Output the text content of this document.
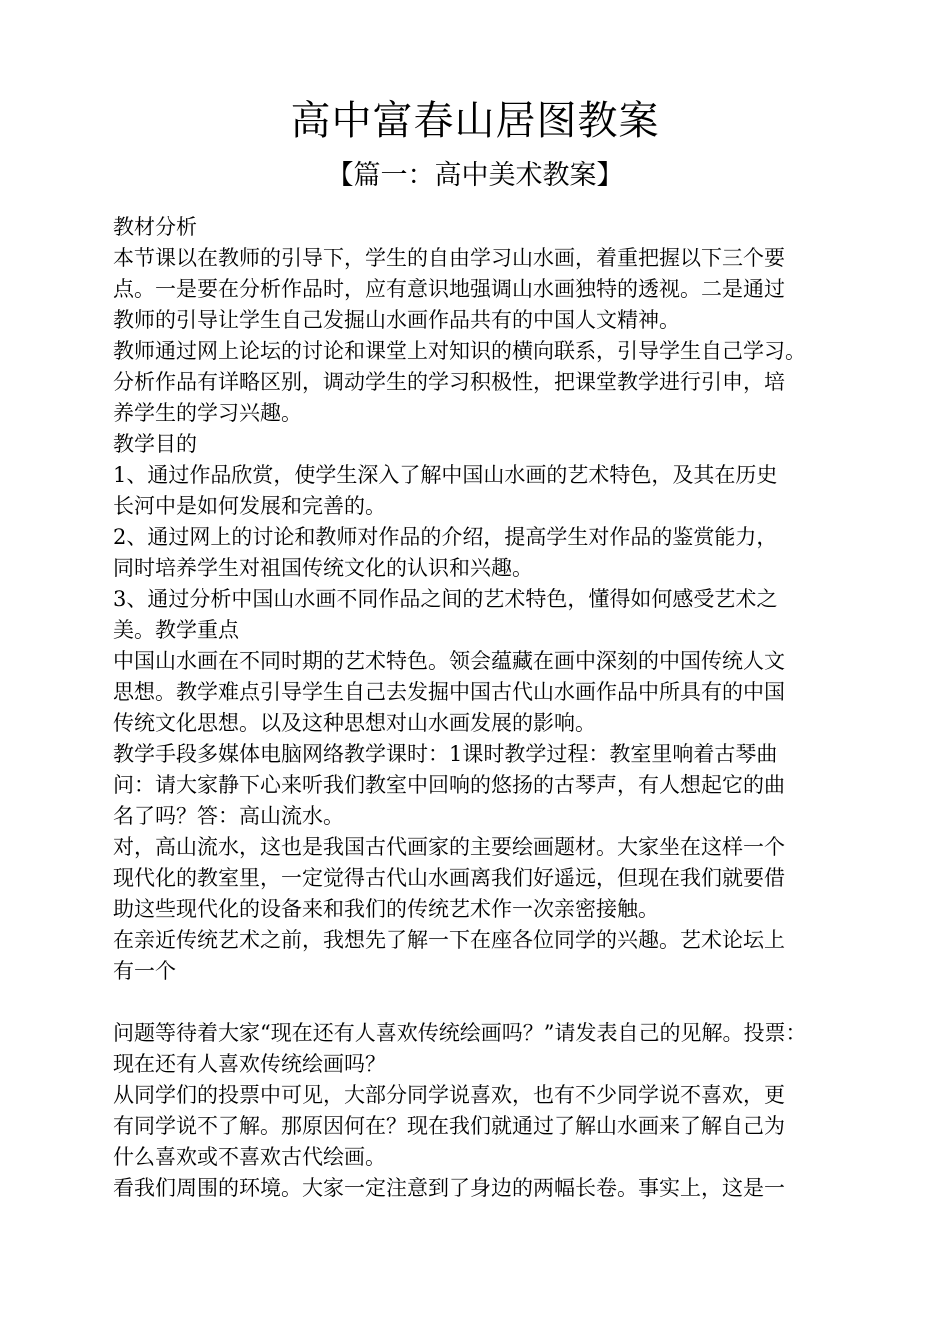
高中富春山居图教案
【篇一：高中美术教案】
教材分析
本节课以在教师的引导下，学生的自由学习山水画，着重把握以下三个要
点。一是要在分析作品时，应有意识地强调山水画独特的透视。二是通过
教师的引导让学生自己发掘山水画作品共有的中国人文精神。
教师通过网上论坛的讨论和课堂上对知识的横向联系，引导学生自己学习。
分析作品有详略区别，调动学生的学习积极性，把课堂教学进行引申，培
养学生的学习兴趣。
教学目的
1、通过作品欣赏，使学生深入了解中国山水画的艺术特色，及其在历史
长河中是如何发展和完善的。
2、通过网上的讨论和教师对作品的介绍，提高学生对作品的鉴赏能力，
同时培养学生对祖国传统文化的认识和兴趣。
3、通过分析中国山水画不同作品之间的艺术特色，懂得如何感受艺术之
美。教学重点
中国山水画在不同时期的艺术特色。领会蕴藏在画中深刻的中国传统人文
思想。教学难点引导学生自己去发掘中国古代山水画作品中所具有的中国
传统文化思想。以及这种思想对山水画发展的影响。
教学手段多媒体电脑网络教学课时：1课时教学过程：教室里响着古琴曲
问：请大家静下心来听我们教室中回响的悠扬的古琴声，有人想起它的曲
名了吗？答：高山流水。
对，高山流水，这也是我国古代画家的主要绘画题材。大家坐在这样一个
现代化的教室里，一定觉得古代山水画离我们好遥远，但现在我们就要借
助这些现代化的设备来和我们的传统艺术作一次亲密接触。
在亲近传统艺术之前，我想先了解一下在座各位同学的兴趣。艺术论坛上
有一个
问题等待着大家“现在还有人喜欢传统绘画吗？”请发表自己的见解。投票：
现在还有人喜欢传统绘画吗？
从同学们的投票中可见，大部分同学说喜欢，也有不少同学说不喜欢，更
有同学说不了解。那原因何在？现在我们就通过了解山水画来了解自己为
什么喜欢或不喜欢古代绘画。
看我们周围的环境。大家一定注意到了身边的两幅长卷。事实上，这是一
